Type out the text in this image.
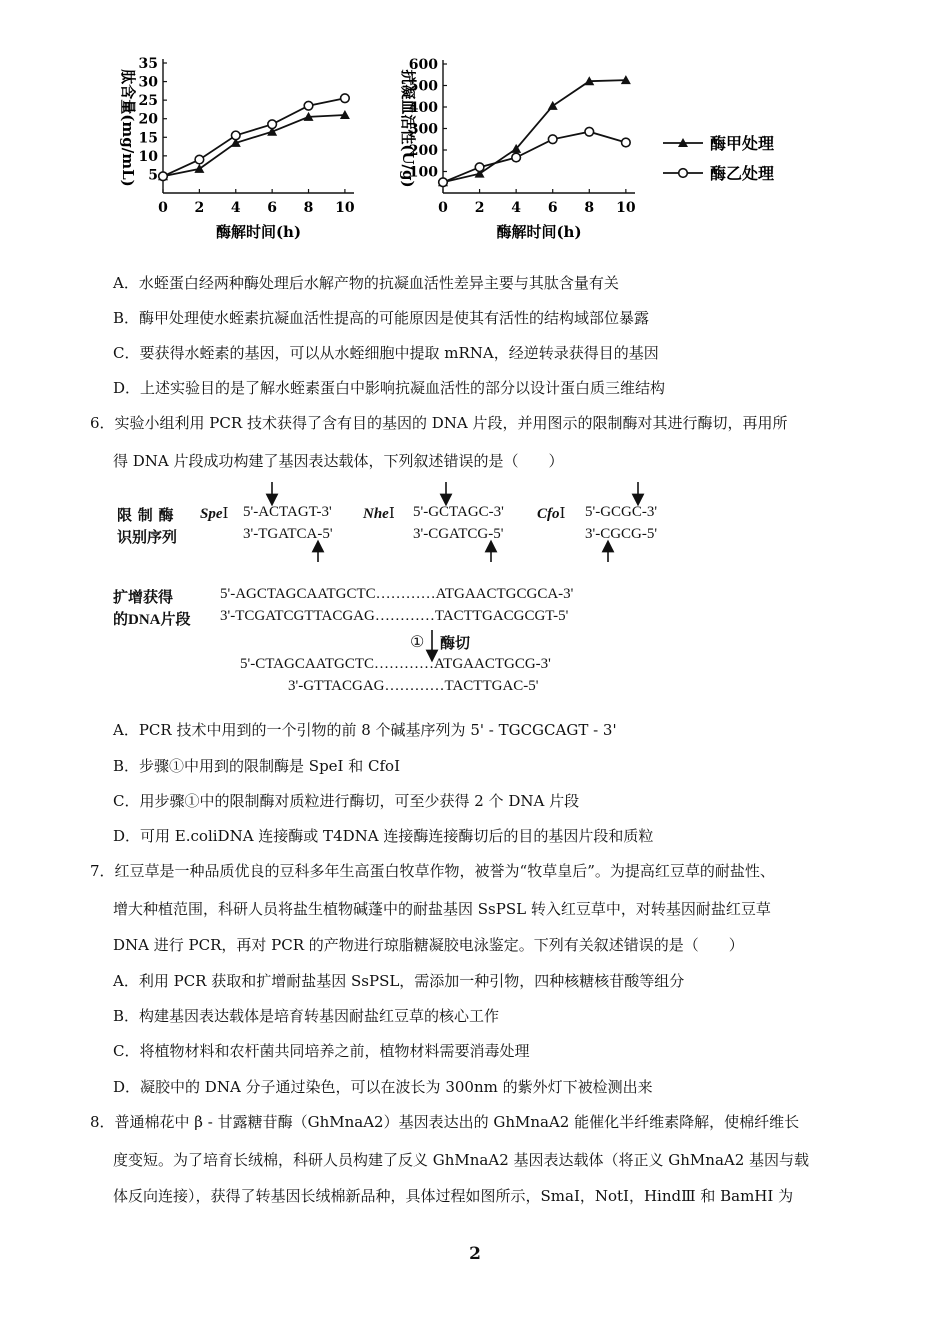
5
10
15
20
25
30
35
0 2 4 6 8 10
酶解时间(h)
肽含量(mg/mL)	100
200
300
400
500
600
0 2 4 6 8 10
酶解时间(h)
抗凝血活性(U/g)	酶甲处理
酶乙处理
A．水蛭蛋白经两种酶处理后水解产物的抗凝血活性差异主要与其肽含量有关
B．酶甲处理使水蛭素抗凝血活性提高的可能原因是使其有活性的结构域部位暴露
C．要获得水蛭素的基因，可以从水蛭细胞中提取 mRNA，经逆转录获得目的基因
D．上述实验目的是了解水蛭素蛋白中影响抗凝血活性的部分以设计蛋白质三维结构
6．实验小组利用 PCR 技术获得了含有目的基因的 DNA 片段，并用图示的限制酶对其进行酶切，再用所
得 DNA 片段成功构建了基因表达载体，下列叙述错误的是（　　）
限 制 酶
识别序列
SpeⅠ 5'-ACTAGT-3'
3'-TGATCA-5'
NheⅠ 5'-GCTAGC-3'
3'-CGATCG-5'
CfoⅠ 5'-GCGC-3'
3'-CGCG-5'
扩增获得
的DNA片段
5'-AGCTAGCAATGCTC…………ATGAACTGCGCA-3'
3'-TCGATCGTTACGAG…………TACTTGACGCGT-5'
① 酶切
5'-CTAGCAATGCTC…………ATGAACTGCG-3'
3'-GTTACGAG…………TACTTGAC-5'
A．PCR 技术中用到的一个引物的前 8 个碱基序列为 5' - TGCGCAGT - 3'
B．步骤①中用到的限制酶是 SpeI 和 CfoI
C．用步骤①中的限制酶对质粒进行酶切，可至少获得 2 个 DNA 片段
D．可用 E.coliDNA 连接酶或 T4DNA 连接酶连接酶切后的目的基因片段和质粒
7．红豆草是一种品质优良的豆科多年生高蛋白牧草作物，被誉为“牧草皇后”。为提高红豆草的耐盐性、
增大种植范围，科研人员将盐生植物碱蓬中的耐盐基因 SsPSL 转入红豆草中，对转基因耐盐红豆草
DNA 进行 PCR，再对 PCR 的产物进行琼脂糖凝胶电泳鉴定。下列有关叙述错误的是（　　）
A．利用 PCR 获取和扩增耐盐基因 SsPSL，需添加一种引物，四种核糖核苷酸等组分
B．构建基因表达载体是培育转基因耐盐红豆草的核心工作
C．将植物材料和农杆菌共同培养之前，植物材料需要消毒处理
D．凝胶中的 DNA 分子通过染色，可以在波长为 300nm 的紫外灯下被检测出来
8．普通棉花中 β - 甘露糖苷酶（GhMnaA2）基因表达出的 GhMnaA2 能催化半纤维素降解，使棉纤维长
度变短。为了培育长绒棉，科研人员构建了反义 GhMnaA2 基因表达载体（将正义 GhMnaA2 基因与载
体反向连接），获得了转基因长绒棉新品种，具体过程如图所示，SmaI，NotI，HindⅢ 和 BamHI 为
2
